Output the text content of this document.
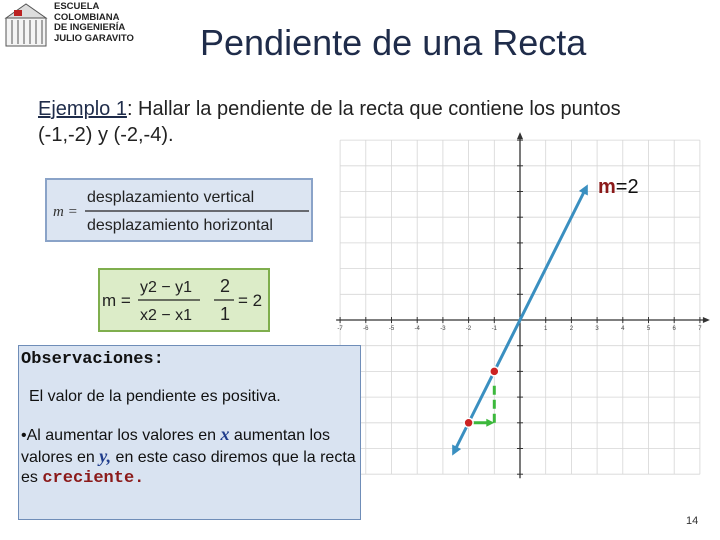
ESCUELA
COLOMBIANA
DE INGENIERÍA
JULIO GARAVITO Pendiente de una Recta
Ejemplo 1: Hallar la pendiente de la recta que contiene los puntos (-1,-2) y (-2,-4).
m =
desplazamiento vertical
desplazamiento horizontal
m =
y2 − y1
x2 − x1
2
1
= 2
-7	-6	-5	-4	-3	-2	-1	1	2	3	4	5	6	7
m=2
Observaciones:
El valor de la pendiente es positiva.
•Al aumentar los valores en x aumentan los valores en y, en este caso diremos que la recta es creciente.
14
